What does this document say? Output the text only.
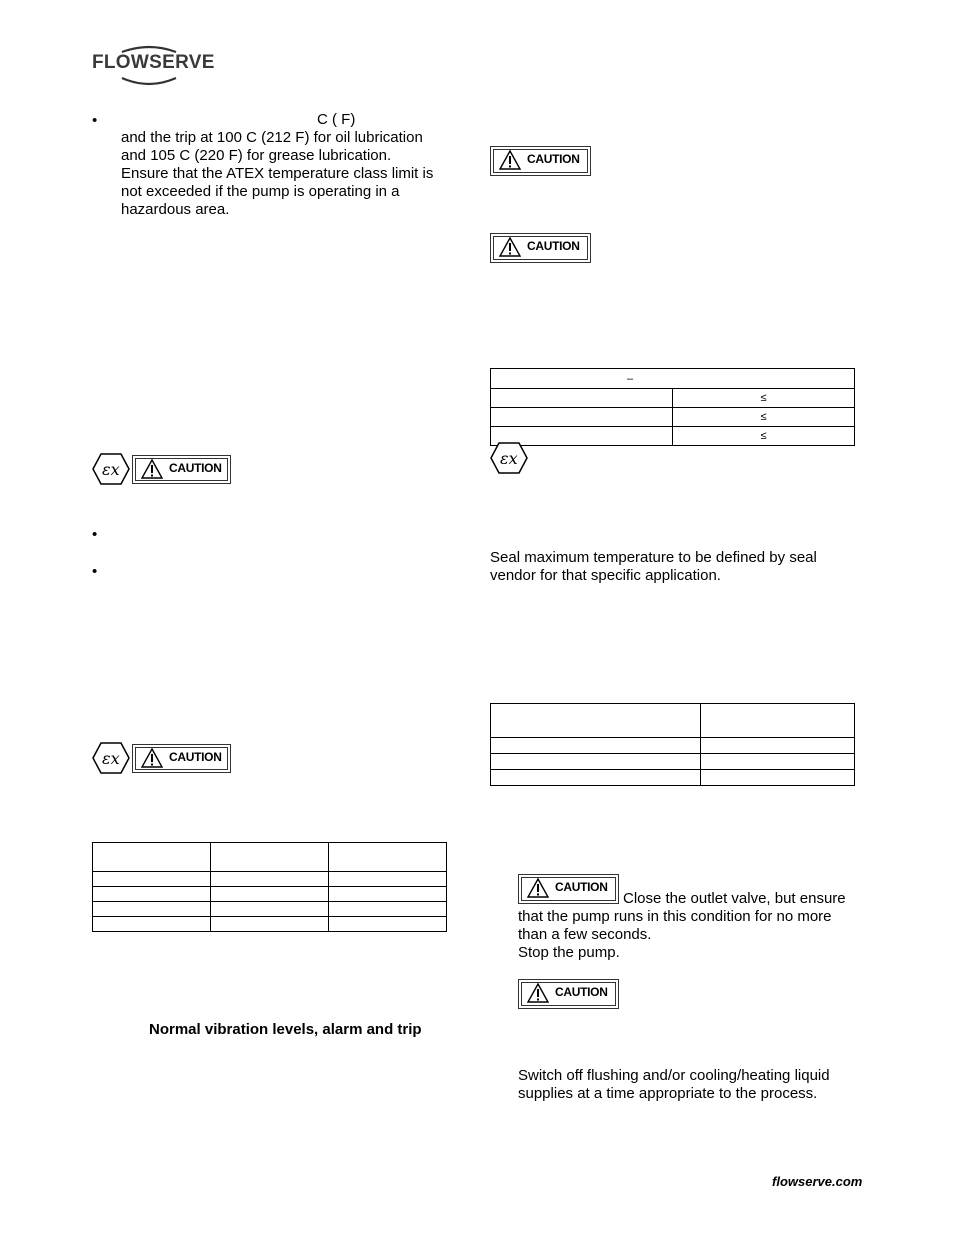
FLOWSERVE
•	C ( F)
and the trip at 100 C (212 F) for oil lubrication
and 105 C (220 F) for grease lubrication.
Ensure that the ATEX temperature class limit is
not exceeded if the pump is operating in a
hazardous area.
εx	CAUTION
•
•
εx	CAUTION

Normal vibration levels, alarm and trip
CAUTION
CAUTION
–	
	≤
	≤
	≤
εx
Seal maximum temperature to be defined by seal
vendor for that specific application.

CAUTION
Close the outlet valve, but ensure
that the pump runs in this condition for no more
than a few seconds.
Stop the pump.
CAUTION
Switch off flushing and/or cooling/heating liquid
supplies at a time appropriate to the process.
flowserve.com
